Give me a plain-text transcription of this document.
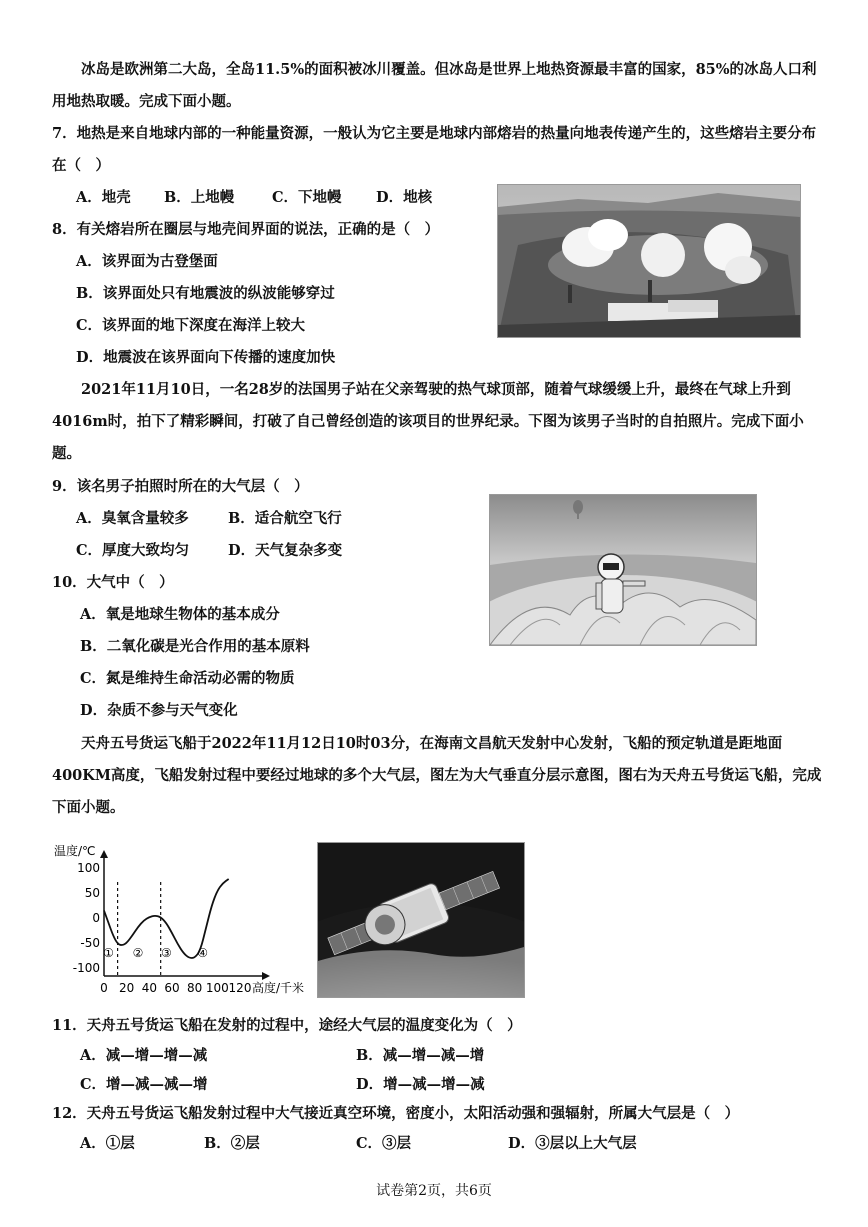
冰岛是欧洲第二大岛，全岛11.5%的面积被冰川覆盖。但冰岛是世界上地热资源最丰富的国家，85%的冰岛人口利用地热取暖。完成下面小题。
7．地热是来自地球内部的一种能量资源，一般认为它主要是地球内部熔岩的热量向地表传递产生的，这些熔岩主要分布在（　）
A．地壳 B．上地幔	C．下地幔 D．地核
8．有关熔岩所在圈层与地壳间界面的说法，正确的是（　）
A．该界面为古登堡面
B．该界面处只有地震波的纵波能够穿过
C．该界面的地下深度在海洋上较大
D．地震波在该界面向下传播的速度加快
2021年11月10日，一名28岁的法国男子站在父亲驾驶的热气球顶部，随着气球缓缓上升，最终在气球上升到4016m时，拍下了精彩瞬间，打破了自己曾经创造的该项目的世界纪录。下图为该男子当时的自拍照片。完成下面小题。
9．该名男子拍照时所在的大气层（　）
A．臭氧含量较多	B．适合航空飞行
C．厚度大致均匀	D．天气复杂多变
10．大气中（　）
A．氧是地球生物体的基本成分
B．二氧化碳是光合作用的基本原料
C．氮是维持生命活动必需的物质
D．杂质不参与天气变化
天舟五号货运飞船于2022年11月12日10时03分，在海南文昌航天发射中心发射，飞船的预定轨道是距地面400KM高度，飞船发射过程中要经过地球的多个大气层，图左为大气垂直分层示意图，图右为天舟五号货运飞船，完成下面小题。
温度/℃
100
50
0
-50
-100
0 20 40 60 80 100 120 高度/千米
① ② ③ ④
11．天舟五号货运飞船在发射的过程中，途经大气层的温度变化为（　）
A．减—增—增—减	B．减—增—减—增
C．增—减—减—增	D．增—减—增—减
12．天舟五号货运飞船发射过程中大气接近真空环境，密度小，太阳活动强和强辐射，所属大气层是（　）
A．①层	B．②层	C．③层	D．③层以上大气层
试卷第2页，共6页
